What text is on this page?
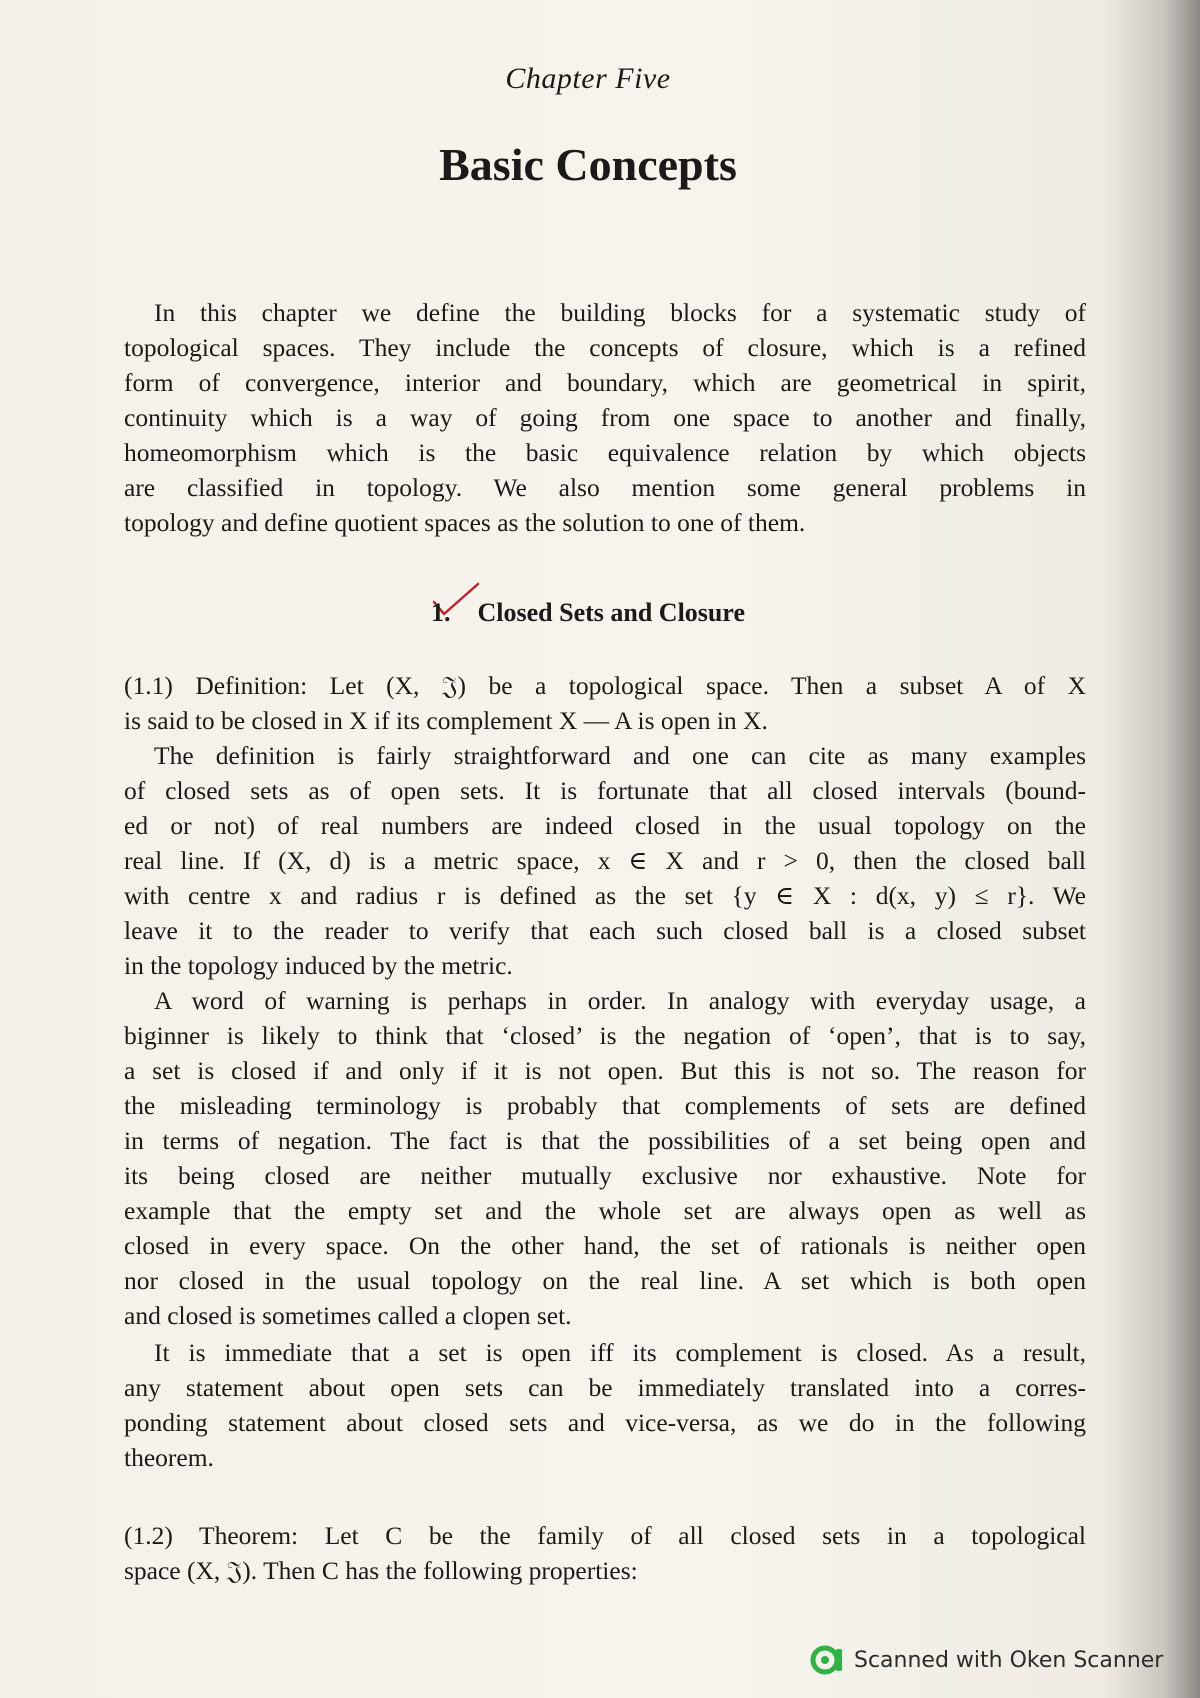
Chapter Five
Basic Concepts
In this chapter we define the building blocks for a systematic study of
topological spaces. They include the concepts of closure, which is a refined
form of convergence, interior and boundary, which are geometrical in spirit,
continuity which is a way of going from one space to another and finally,
homeomorphism which is the basic equivalence relation by which objects
are classified in topology. We also mention some general problems in
topology and define quotient spaces as the solution to one of them.
1. Closed Sets and Closure
(1.1) Definition: Let (X, 𝔍) be a topological space. Then a subset A of X
is said to be closed in X if its complement X — A is open in X.
The definition is fairly straightforward and one can cite as many examples
of closed sets as of open sets. It is fortunate that all closed intervals (bound-
ed or not) of real numbers are indeed closed in the usual topology on the
real line. If (X, d) is a metric space, x ∈ X and r > 0, then the closed ball
with centre x and radius r is defined as the set {y ∈ X : d(x, y) ≤ r}. We
leave it to the reader to verify that each such closed ball is a closed subset
in the topology induced by the metric.
A word of warning is perhaps in order. In analogy with everyday usage, a
biginner is likely to think that ‘closed’ is the negation of ‘open’, that is to say,
a set is closed if and only if it is not open. But this is not so. The reason for
the misleading terminology is probably that complements of sets are defined
in terms of negation. The fact is that the possibilities of a set being open and
its being closed are neither mutually exclusive nor exhaustive. Note for
example that the empty set and the whole set are always open as well as
closed in every space. On the other hand, the set of rationals is neither open
nor closed in the usual topology on the real line. A set which is both open
and closed is sometimes called a clopen set.
It is immediate that a set is open iff its complement is closed. As a result,
any statement about open sets can be immediately translated into a corres-
ponding statement about closed sets and vice-versa, as we do in the following
theorem.
(1.2) Theorem: Let C be the family of all closed sets in a topological
space (X, 𝔍). Then C has the following properties:
Scanned with Oken Scanner
